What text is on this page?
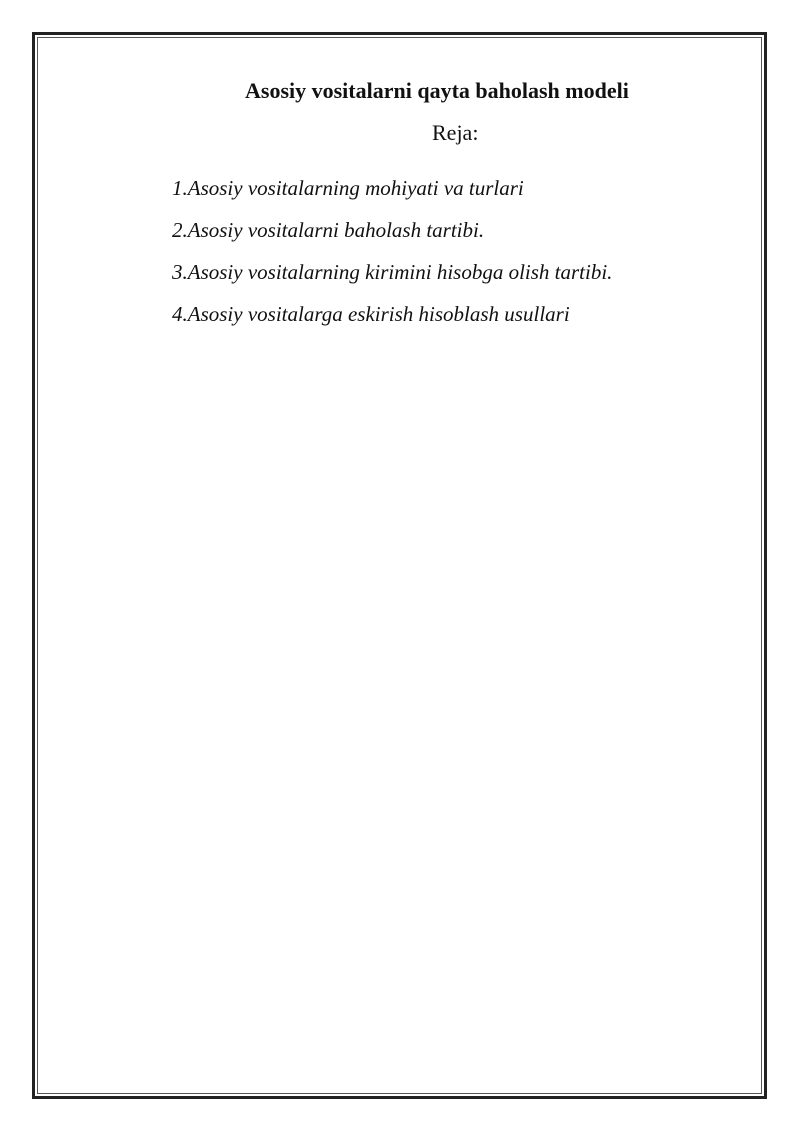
Asosiy vositalarni qayta baholash modeli
Reja:
1.Asosiy vositalarning mohiyati va turlari
2.Asosiy vositalarni baholash tartibi.
3.Asosiy vositalarning kirimini hisobga olish tartibi.
4.Asosiy vositalarga eskirish hisoblash usullari
